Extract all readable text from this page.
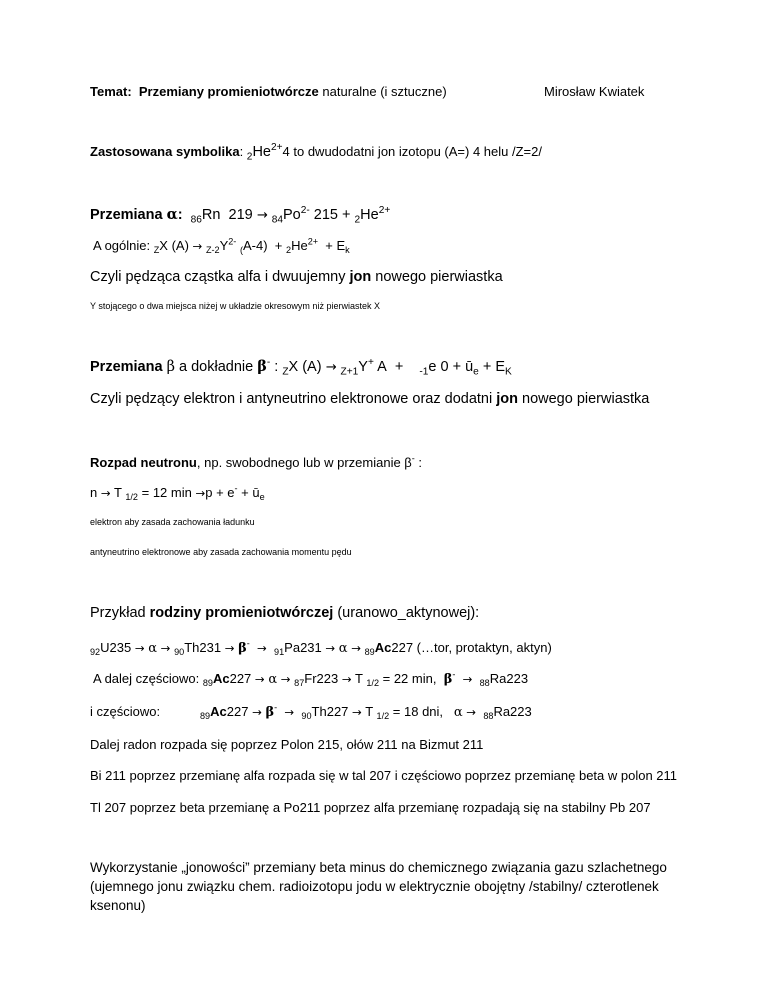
Temat: Przemiany promieniotwórcze naturalne (i sztuczne)	Mirosław Kwiatek
Zastosowana symbolika: $_2He^{2+}4$ to dwudodatni jon izotopu (A=) 4 helu /Z=2/
Przemiana α: $_{86}$Rn  $219 \to _{84}Po^{2-}$ $215 + _2He^{2+}$
A ogólnie: $_Z$X $(A) \to _{Z-2}Y^{2-}$ $_(A-4) + _2He^{2+} + E_k$
Czyli pędząca cząstka alfa i dwuujemny jon nowego pierwiastka
Y stojącego o dwa miejsca niżej w układzie okresowym niż pierwiastek X
Przemiana β a dokładnie β- : $_Z$X (A) → $_{Z+1}$Y+ A  +    $_{-1}$e $0 + ū_e + E_K$
Czyli pędzący elektron i antyneutrino elektronowe oraz dodatni jon nowego pierwiastka
Rozpad neutronu, np. swobodnego lub w przemianie β- :
n → T $_{1/2}$ = 12 $\min \to p + e^- + ū_e$
elektron aby zasada zachowania ładunku
antyneutrino elektronowe aby zasada zachowania momentu pędu
Przykład rodziny promieniotwórczej (uranowo_aktynowej):
$_{92}$U235 → α → $_{90}$Th231 → β- → $_{91}$Pa231 → α → $_{89}$Ac227 (…tor, protaktyn, aktyn)
A dalej częściowo: $_{89}$Ac227 → α → $_{87}$Fr223 → T $_{1/2}$ = 22 min,  β- → $_{88}$Ra223
i częściowo:	$_{89}$Ac227 → β- → $_{90}$Th227 → T $_{1/2}$ = 18 dni,   α → $_{88}$Ra223
Dalej radon rozpada się poprzez Polon 215, ołów 211 na Bizmut 211
Bi 211 poprzez przemianę alfa rozpada się w tal 207 i częściowo poprzez przemianę beta w polon 211
Tl 207 poprzez beta przemianę a Po211 poprzez alfa przemianę rozpadają się na stabilny Pb 207
Wykorzystanie „jonowości” przemiany beta minus do chemicznego związania gazu szlachetnego (ujemnego jonu związku chem. radioizotopu jodu w elektrycznie obojętny /stabilny/ czterotlenek ksenonu)
